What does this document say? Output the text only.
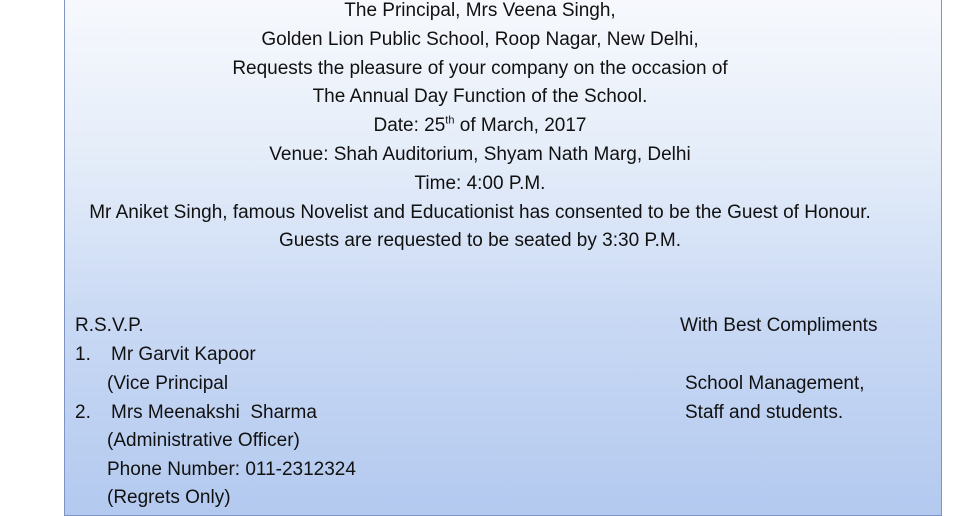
The Principal, Mrs Veena Singh,
Golden Lion Public School, Roop Nagar, New Delhi,
Requests the pleasure of your company on the occasion of
The Annual Day Function of the School.
Date: 25th of March, 2017
Venue: Shah Auditorium, Shyam Nath Marg, Delhi
Time: 4:00 P.M.
Mr Aniket Singh, famous Novelist and Educationist has consented to be the Guest of Honour.
Guests are requested to be seated by 3:30 P.M.
R.S.V.P.	With Best Compliments
1. Mr Garvit Kapoor
(Vice Principal	School Management,
2. Mrs Meenakshi  Sharma	Staff and students.
(Administrative Officer)
Phone Number: 011-2312324
(Regrets Only)
